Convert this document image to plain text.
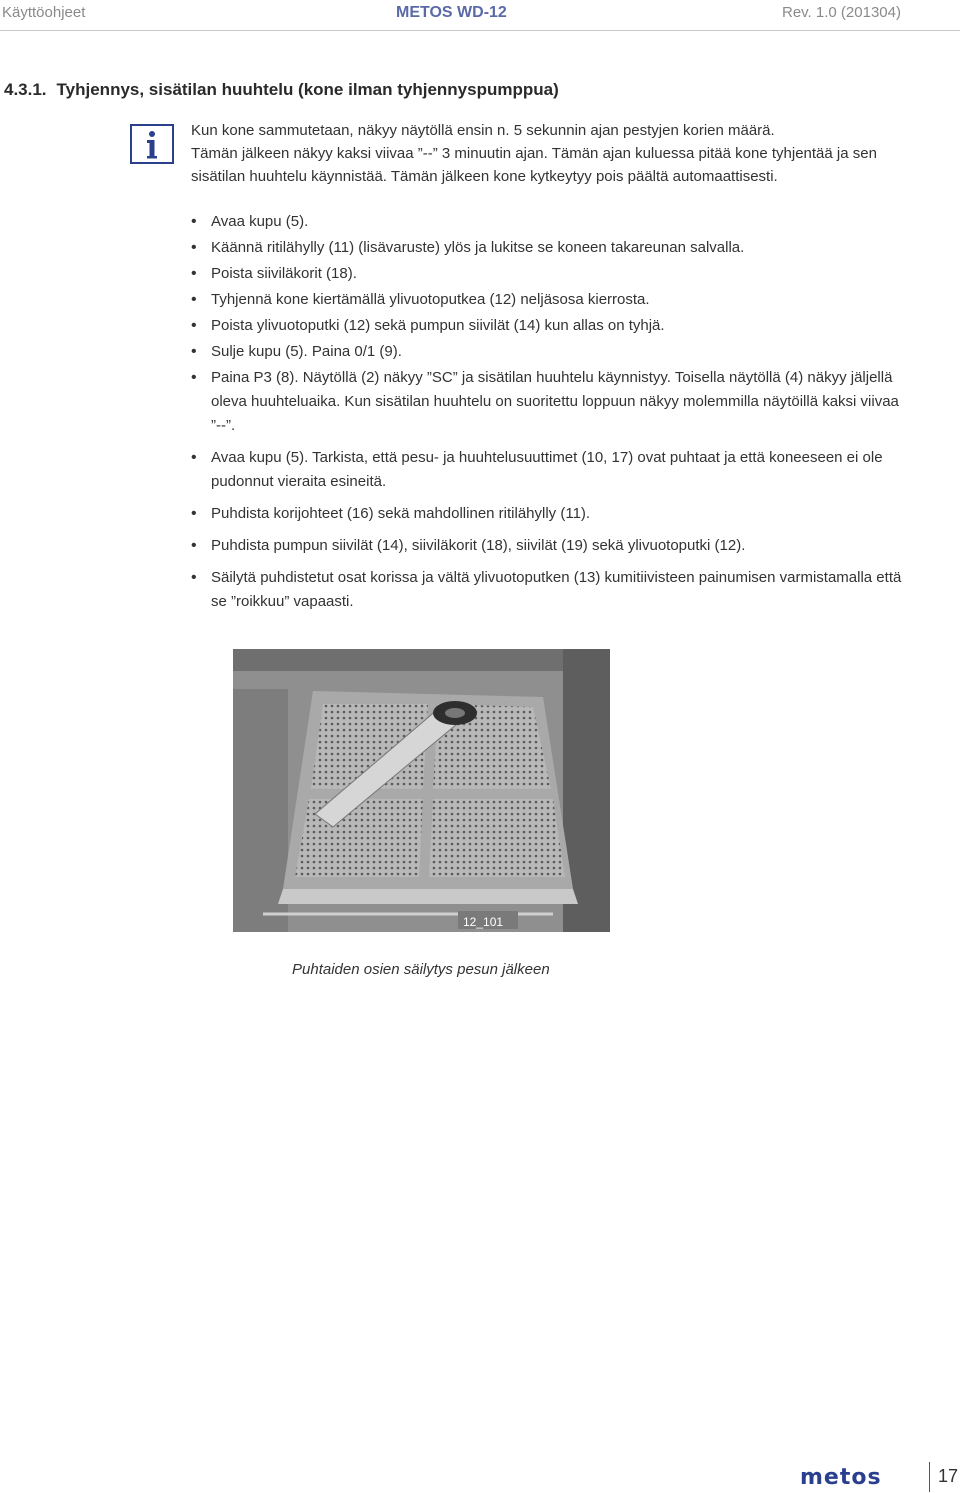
Käyttöohjeet	METOS WD-12	Rev. 1.0 (201304)
4.3.1. Tyhjennys, sisätilan huuhtelu (kone ilman tyhjennyspumppua)

Kun kone sammutetaan, näkyy näytöllä ensin n. 5 sekunnin ajan pestyjen korien määrä.

Tämän jälkeen näkyy kaksi viivaa ”--” 3 minuutin ajan. Tämän ajan kuluessa pitää kone tyhjentää ja sen sisätilan huuhtelu käynnistää. Tämän jälkeen kone kytkeytyy pois päältä automaattisesti.

• Avaa kupu (5).
• Käännä ritilähylly (11) (lisävaruste) ylös ja lukitse se koneen takareunan salvalla.
• Poista siiviläkorit (18).
• Tyhjennä kone kiertämällä ylivuotoputkea (12) neljäsosa kierrosta.
• Poista ylivuotoputki (12) sekä pumpun siivilät (14) kun allas on tyhjä.
• Sulje kupu (5). Paina 0/1 (9).
• Paina P3 (8). Näytöllä (2) näkyy ”SC” ja sisätilan huuhtelu käynnistyy. Toisella näytöllä (4) näkyy jäljellä oleva huuhteluaika. Kun sisätilan huuhtelu on suoritettu loppuun näkyy molemmilla näytöillä kaksi viivaa ”--”.
• Avaa kupu (5). Tarkista, että pesu- ja huuhtelusuuttimet (10, 17) ovat puhtaat ja että koneeseen ei ole pudonnut vieraita esineitä.
• Puhdista korijohteet (16) sekä mahdollinen ritilähylly (11).
• Puhdista pumpun siivilät (14), siiviläkorit (18), siivilät (19) sekä ylivuotoputki (12).
• Säilytä puhdistetut osat korissa ja vältä ylivuotoputken (13) kumitiivisteen painumisen varmistamalla että se ”roikkuu” vapaasti.
12_101
Puhtaiden osien säilytys pesun jälkeen
metos	17
